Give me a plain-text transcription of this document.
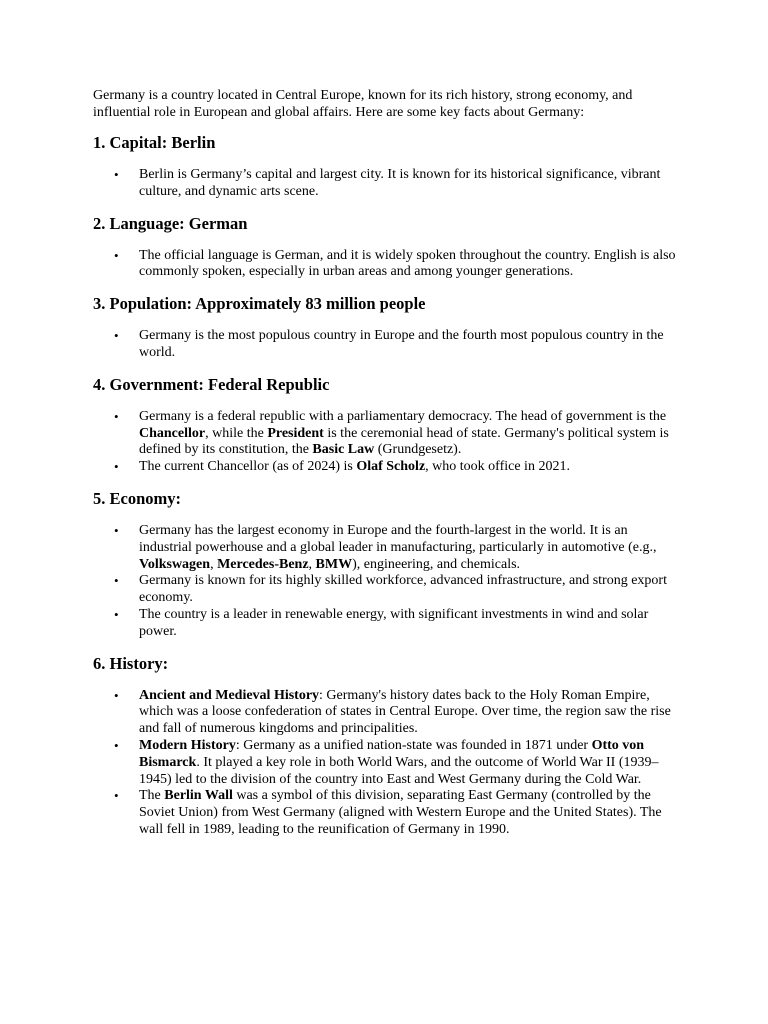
Germany is a country located in Central Europe, known for its rich history, strong economy, and influential role in European and global affairs. Here are some key facts about Germany:

1. Capital: Berlin
• Berlin is Germany’s capital and largest city. It is known for its historical significance, vibrant culture, and dynamic arts scene.
2. Language: German
• The official language is German, and it is widely spoken throughout the country. English is also commonly spoken, especially in urban areas and among younger generations.
3. Population: Approximately 83 million people
• Germany is the most populous country in Europe and the fourth most populous country in the world.
4. Government: Federal Republic
• Germany is a federal republic with a parliamentary democracy. The head of government is the Chancellor, while the President is the ceremonial head of state. Germany's political system is defined by its constitution, the Basic Law (Grundgesetz).
• The current Chancellor (as of 2024) is Olaf Scholz, who took office in 2021.
5. Economy:
• Germany has the largest economy in Europe and the fourth-largest in the world. It is an industrial powerhouse and a global leader in manufacturing, particularly in automotive (e.g., Volkswagen, Mercedes-Benz, BMW), engineering, and chemicals.
• Germany is known for its highly skilled workforce, advanced infrastructure, and strong export economy.
• The country is a leader in renewable energy, with significant investments in wind and solar power.
6. History:
• Ancient and Medieval History: Germany's history dates back to the Holy Roman Empire, which was a loose confederation of states in Central Europe. Over time, the region saw the rise and fall of numerous kingdoms and principalities.
• Modern History: Germany as a unified nation-state was founded in 1871 under Otto von Bismarck. It played a key role in both World Wars, and the outcome of World War II (1939–1945) led to the division of the country into East and West Germany during the Cold War.
• The Berlin Wall was a symbol of this division, separating East Germany (controlled by the Soviet Union) from West Germany (aligned with Western Europe and the United States). The wall fell in 1989, leading to the reunification of Germany in 1990.
